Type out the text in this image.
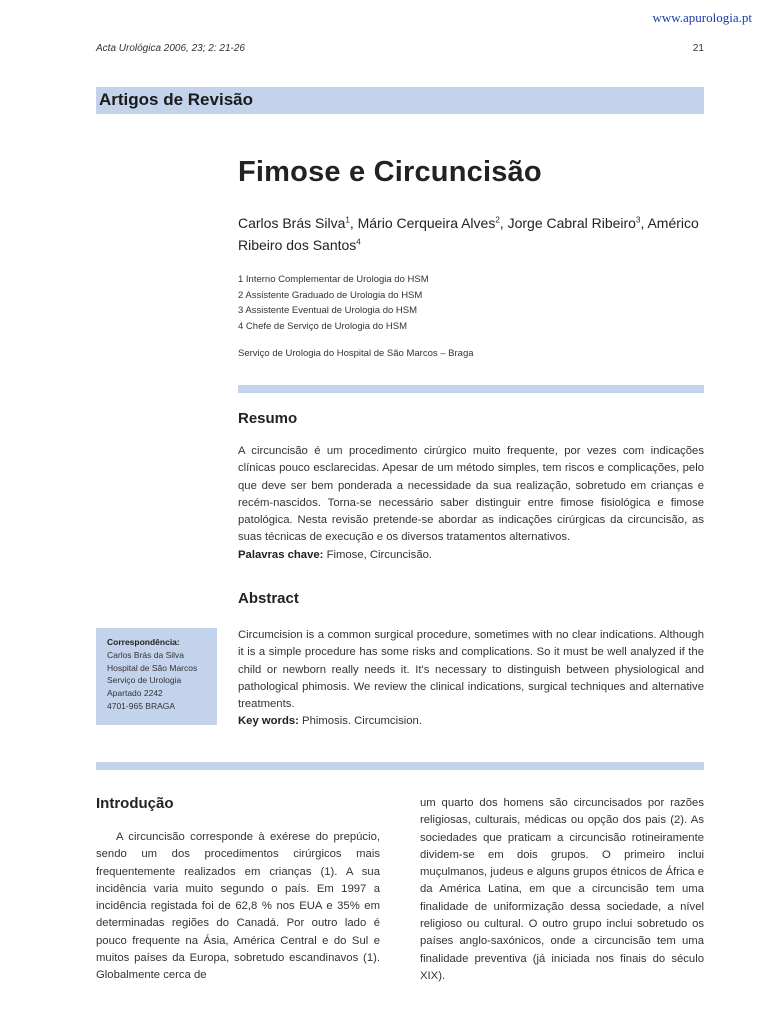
www.apurologia.pt
Acta Urológica 2006, 23; 2: 21-26	21
Artigos de Revisão
Fimose e Circuncisão
Carlos Brás Silva$^1$, Mário Cerqueira Alves$^2$, Jorge Cabral Ribeiro$^3$, Américo Ribeiro dos Santos$^4$
1 Interno Complementar de Urologia do HSM
2 Assistente Graduado de Urologia do HSM
3 Assistente Eventual de Urologia do HSM
4 Chefe de Serviço de Urologia do HSM
Serviço de Urologia do Hospital de São Marcos – Braga
Resumo
A circuncisão é um procedimento cirúrgico muito frequente, por vezes com indicações clínicas pouco esclarecidas. Apesar de um método simples, tem riscos e complicações, pelo que deve ser bem ponderada a necessidade da sua realização, sobretudo em crianças e recém-nascidos. Torna-se necessário saber distinguir entre fimose fisiológica e fimose patológica. Nesta revisão pretende-se abordar as indicações cirúrgicas da circuncisão, as suas técnicas de execução e os diversos tratamentos alternativos.
Palavras chave: Fimose, Circuncisão.
Abstract
Circumcision is a common surgical procedure, sometimes with no clear indications. Although it is a simple procedure has some risks and complications. So it must be well analyzed if the child or newborn really needs it. It's necessary to distinguish between physiological and pathological phimosis. We review the clinical indications, surgical techniques and alternative treatments.
Key words: Phimosis. Circumcision.
Correspondência:
Carlos Brás da Silva
Hospital de São Marcos
Serviço de Urologia
Apartado 2242
4701-965 BRAGA
Introdução
A circuncisão corresponde à exérese do prepúcio, sendo um dos procedimentos cirúrgicos mais frequentemente realizados em crianças (1). A sua incidência varia muito segundo o país. Em 1997 a incidência registada foi de 62,8 % nos EUA e 35% em determinadas regiões do Canadá. Por outro lado é pouco frequente na Ásia, América Central e do Sul e muitos países da Europa, sobretudo escandinavos (1). Globalmente cerca de
um quarto dos homens são circuncisados por razões religiosas, culturais, médicas ou opção dos pais (2). As sociedades que praticam a circuncisão rotineiramente dividem-se em dois grupos. O primeiro inclui muçulmanos, judeus e alguns grupos étnicos de África e da América Latina, em que a circuncisão tem uma finalidade de uniformização dessa sociedade, a nível religioso ou cultural. O outro grupo inclui sobretudo os países anglo-saxónicos, onde a circuncisão tem uma finalidade preventiva (já iniciada nos finais do século XIX).
